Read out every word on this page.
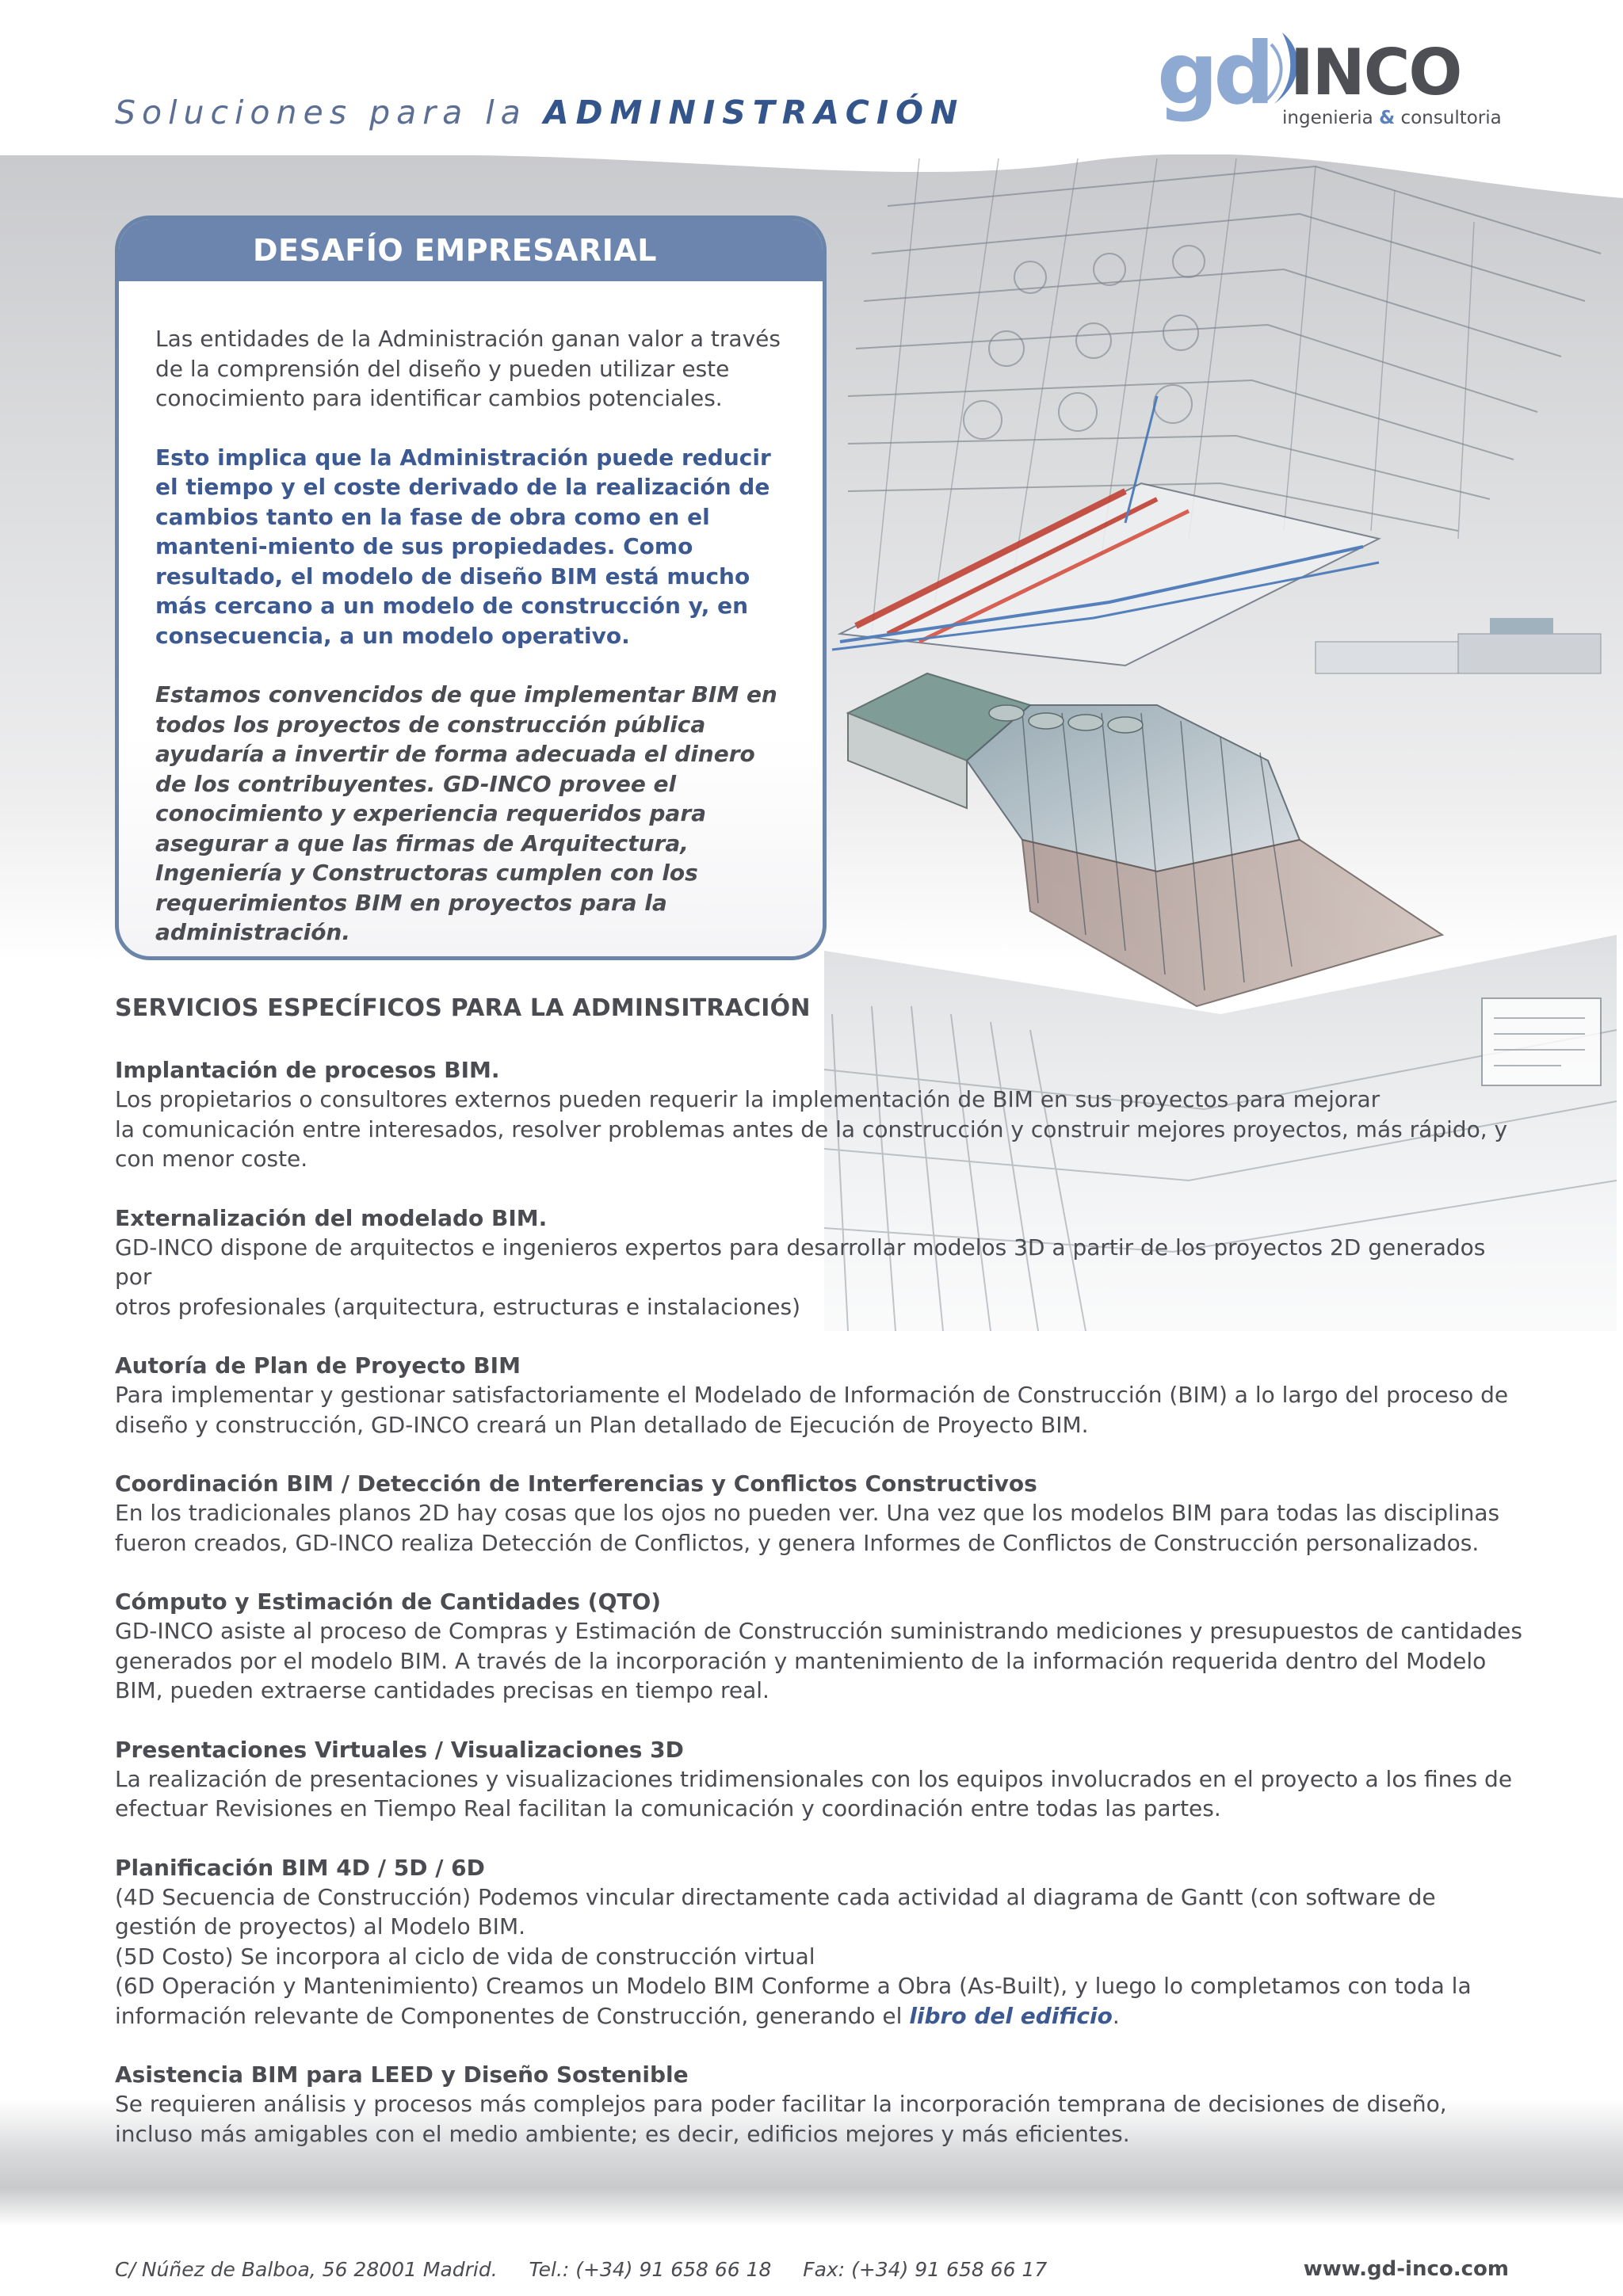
Soluciones para la ADMINISTRACIÓN gd INCO
ingenieria & consultoria
DESAFÍO EMPRESARIAL

Las entidades de la Administración ganan valor a través de la comprensión del diseño y pueden utilizar este conocimiento para identificar cambios potenciales.

Esto implica que la Administración puede reducir el tiempo y el coste derivado de la realización de cambios tanto en la fase de obra como en el manteni-miento de sus propiedades. Como resultado, el modelo de diseño BIM está mucho más cercano a un modelo de construcción y, en consecuencia, a un modelo operativo.

Estamos convencidos de que implementar BIM en todos los proyectos de construcción pública ayudaría a invertir de forma adecuada el dinero de los contribuyentes. GD-INCO provee el conocimiento y experiencia requeridos para asegurar a que las firmas de Arquitectura, Ingeniería y Constructoras cumplen con los requerimientos BIM en proyectos para la administración.

SERVICIOS ESPECÍFICOS PARA LA ADMINSITRACIÓN
Implantación de procesos BIM.

Los propietarios o consultores externos pueden requerir la implementación de BIM en sus proyectos para mejorar

la comunicación entre interesados, resolver problemas antes de la construcción y construir mejores proyectos, más rápido, y

con menor coste.

Externalización del modelado BIM.

GD-INCO dispone de arquitectos e ingenieros expertos para desarrollar modelos 3D a partir de los proyectos 2D generados por

otros profesionales (arquitectura, estructuras e instalaciones)

Autoría de Plan de Proyecto BIM

Para implementar y gestionar satisfactoriamente el Modelado de Información de Construcción (BIM) a lo largo del proceso de

diseño y construcción, GD-INCO creará un Plan detallado de Ejecución de Proyecto BIM.

Coordinación BIM / Detección de Interferencias y Conflictos Constructivos

En los tradicionales planos 2D hay cosas que los ojos no pueden ver. Una vez que los modelos BIM para todas las disciplinas

fueron creados, GD-INCO realiza Detección de Conflictos, y genera Informes de Conflictos de Construcción personalizados.

Cómputo y Estimación de Cantidades (QTO)

GD-INCO asiste al proceso de Compras y Estimación de Construcción suministrando mediciones y presupuestos de cantidades

generados por el modelo BIM. A través de la incorporación y mantenimiento de la información requerida dentro del Modelo

BIM, pueden extraerse cantidades precisas en tiempo real.

Presentaciones Virtuales / Visualizaciones 3D

La realización de presentaciones y visualizaciones tridimensionales con los equipos involucrados en el proyecto a los fines de

efectuar Revisiones en Tiempo Real facilitan la comunicación y coordinación entre todas las partes.

Planificación BIM 4D / 5D / 6D

(4D Secuencia de Construcción) Podemos vincular directamente cada actividad al diagrama de Gantt (con software de

gestión de proyectos) al Modelo BIM.

(5D Costo) Se incorpora al ciclo de vida de construcción virtual

(6D Operación y Mantenimiento) Creamos un Modelo BIM Conforme a Obra (As-Built), y luego lo completamos con toda la

información relevante de Componentes de Construcción, generando el libro del edificio.

Asistencia BIM para LEED y Diseño Sostenible

Se requieren análisis y procesos más complejos para poder facilitar la incorporación temprana de decisiones de diseño,

incluso más amigables con el medio ambiente; es decir, edificios mejores y más eficientes.

C/ Núñez de Balboa, 56 28001 Madrid. Tel.: (+34) 91 658 66 18 Fax: (+34) 91 658 66 17	www.gd-inco.com
